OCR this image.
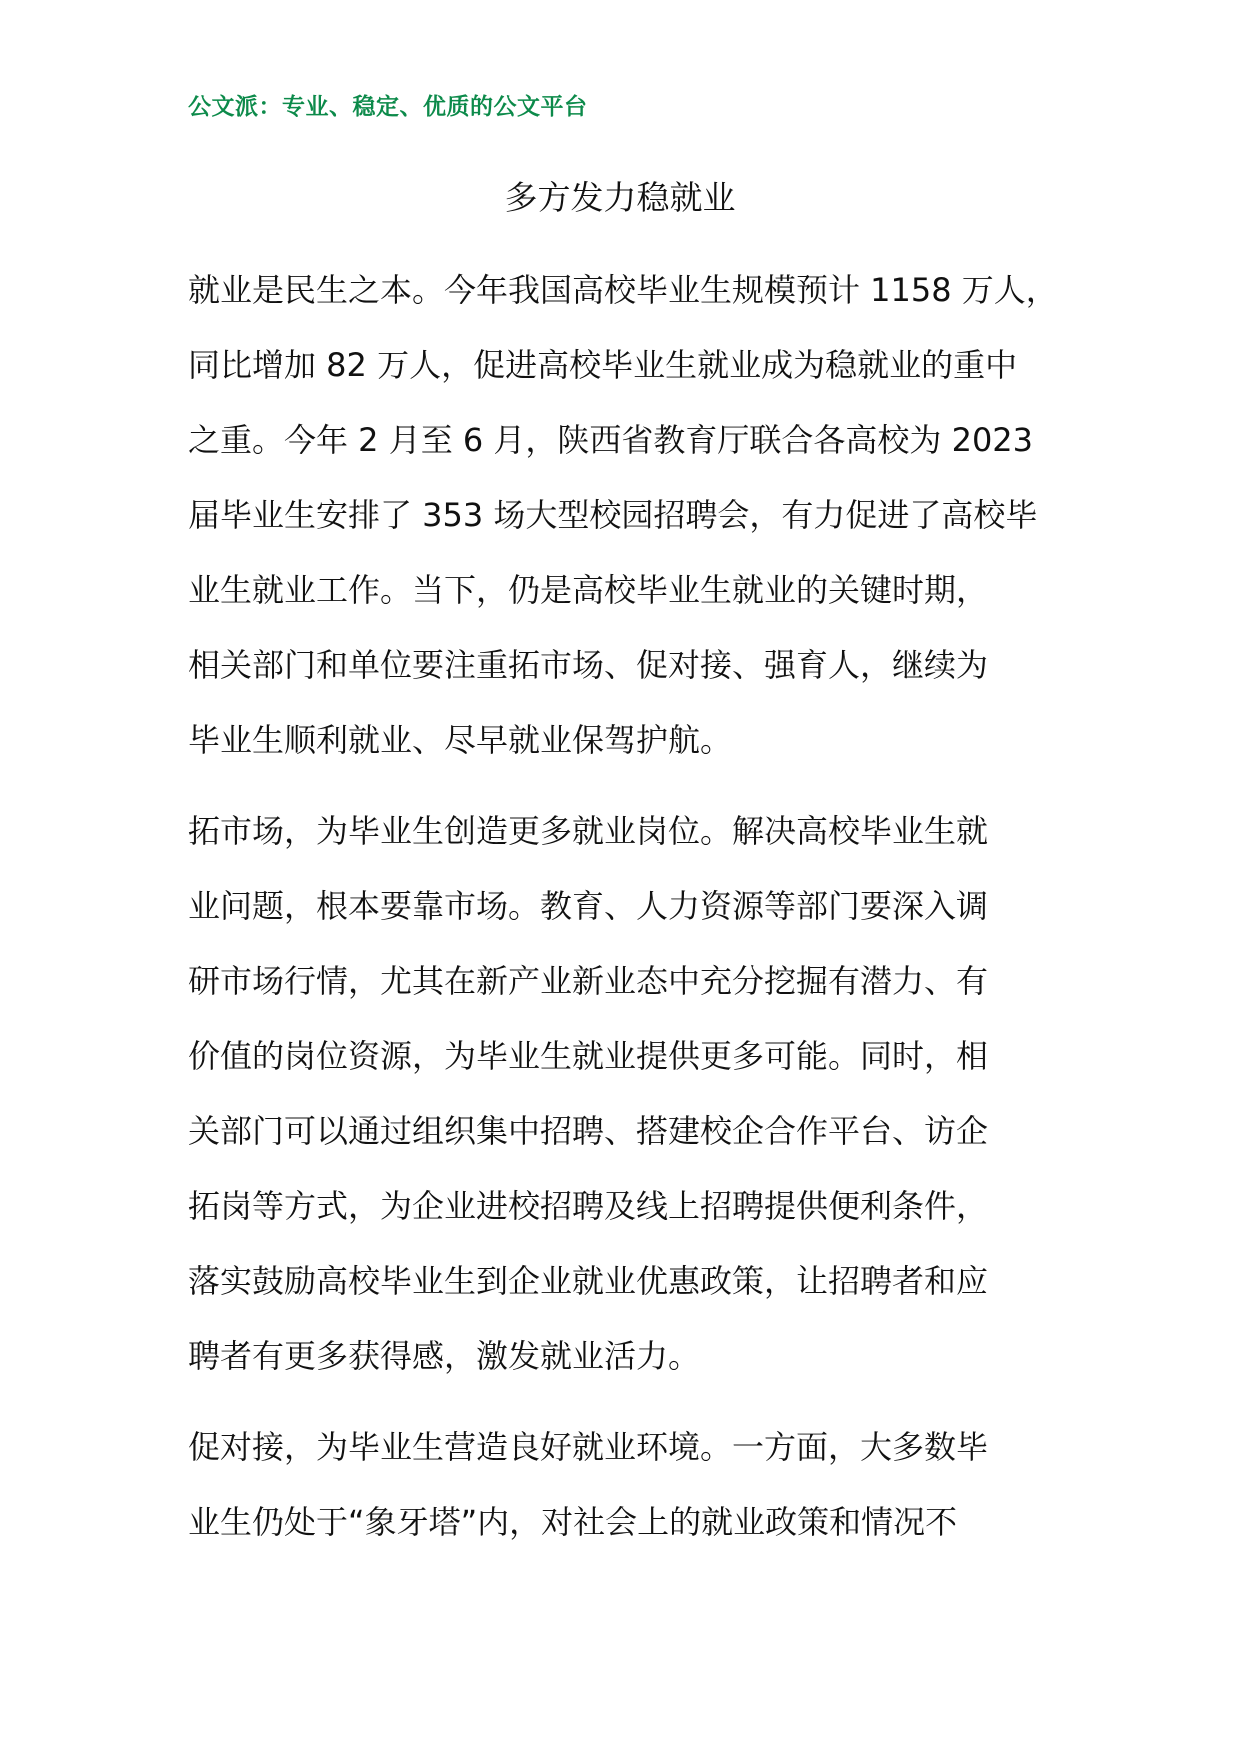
公文派：专业、稳定、优质的公文平台
多方发力稳就业
就业是民生之本。今年我国高校毕业生规模预计 1158 万人，
同比增加 82 万人，促进高校毕业生就业成为稳就业的重中
之重。今年 2 月至 6 月，陕西省教育厅联合各高校为 2023
届毕业生安排了 353 场大型校园招聘会，有力促进了高校毕
业生就业工作。当下，仍是高校毕业生就业的关键时期，
相关部门和单位要注重拓市场、促对接、强育人，继续为
毕业生顺利就业、尽早就业保驾护航。
拓市场，为毕业生创造更多就业岗位。解决高校毕业生就
业问题，根本要靠市场。教育、人力资源等部门要深入调
研市场行情，尤其在新产业新业态中充分挖掘有潜力、有
价值的岗位资源，为毕业生就业提供更多可能。同时，相
关部门可以通过组织集中招聘、搭建校企合作平台、访企
拓岗等方式，为企业进校招聘及线上招聘提供便利条件，
落实鼓励高校毕业生到企业就业优惠政策，让招聘者和应
聘者有更多获得感，激发就业活力。
促对接，为毕业生营造良好就业环境。一方面，大多数毕
业生仍处于“象牙塔”内，对社会上的就业政策和情况不
